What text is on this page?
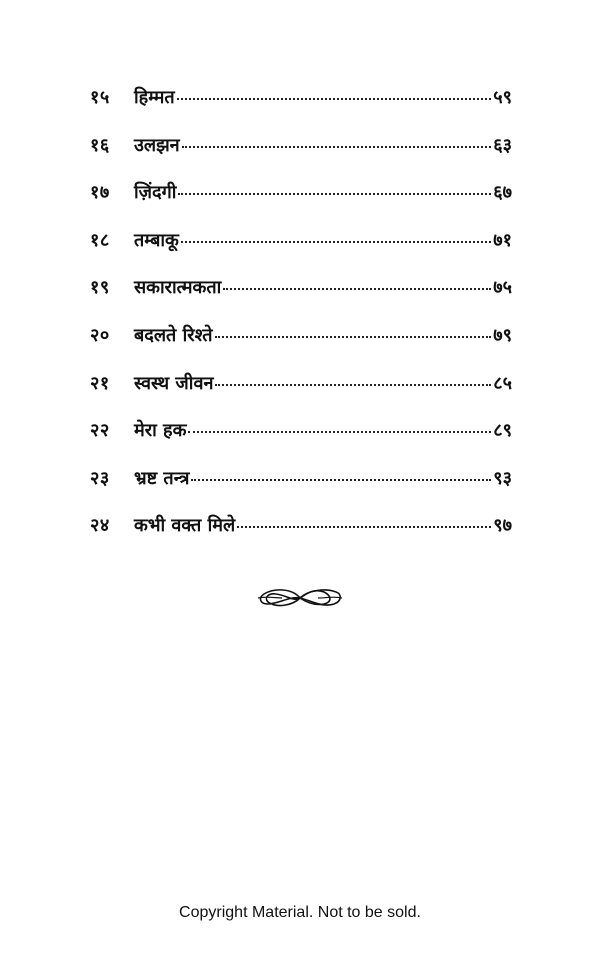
१५	हिम्मत	५९
१६	उलझन	६३
१७	ज़िंदगी	६७
१८	तम्बाकू	७१
१९	सकारात्मकता	७५
२०	बदलते रिश्ते	७९
२१	स्वस्थ जीवन	८५
२२	मेरा हक	८९
२३	भ्रष्ट तन्त्र	९३
२४	कभी वक्त मिले	९७
Copyright Material. Not to be sold.
